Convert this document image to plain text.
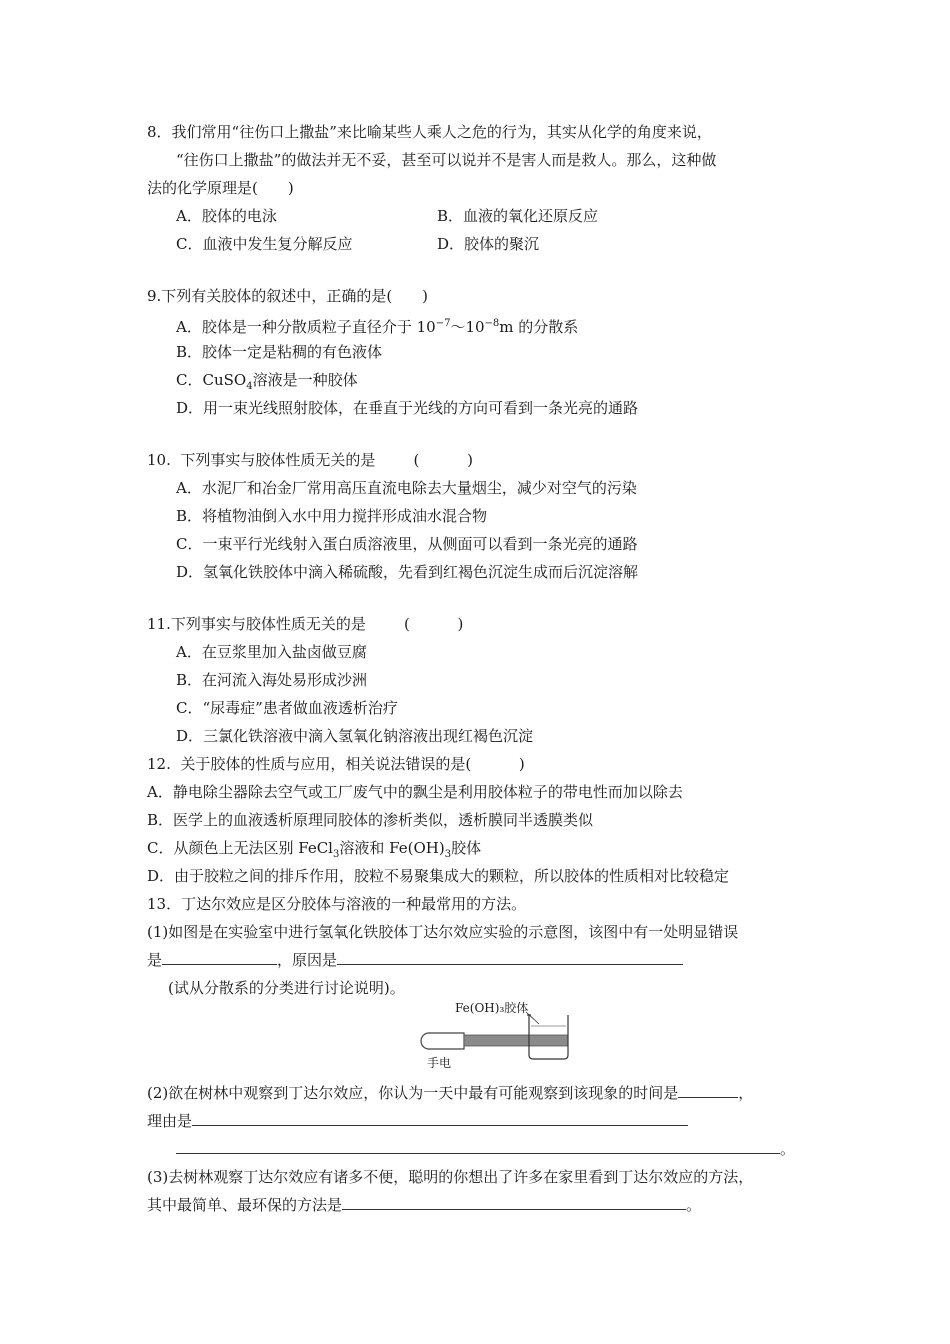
8．我们常用“往伤口上撒盐”来比喻某些人乘人之危的行为，其实从化学的角度来说，
“往伤口上撒盐”的做法并无不妥，甚至可以说并不是害人而是救人。那么，这种做
法的化学原理是(　　)
A．胶体的电泳	B．血液的氧化还原反应
C．血液中发生复分解反应	D．胶体的聚沉
9.下列有关胶体的叙述中，正确的是(　　)
A．胶体是一种分散质粒子直径介于 $10^{-7}\sim 10^{-8}m$ 的分散系
B．胶体一定是粘稠的有色液体
C．CuSO$_4$溶液是一种胶体
D．用一束光线照射胶体，在垂直于光线的方向可看到一条光亮的通路
10.  下列事实与胶体性质无关的是        (          )
A．水泥厂和冶金厂常用高压直流电除去大量烟尘，减少对空气的污染
B．将植物油倒入水中用力搅拌形成油水混合物
C．一束平行光线射入蛋白质溶液里，从侧面可以看到一条光亮的通路
D．氢氧化铁胶体中滴入稀硫酸，先看到红褐色沉淀生成而后沉淀溶解
11.下列事实与胶体性质无关的是        (          )
A．在豆浆里加入盐卤做豆腐
B．在河流入海处易形成沙洲
C．“尿毒症”患者做血液透析治疗
D．三氯化铁溶液中滴入氢氧化钠溶液出现红褐色沉淀
12.  关于胶体的性质与应用，相关说法错误的是(          )
A．静电除尘器除去空气或工厂废气中的飘尘是利用胶体粒子的带电性而加以除去
B．医学上的血液透析原理同胶体的渗析类似，透析膜同半透膜类似
C．从颜色上无法区别 FeCl$_3$溶液和 $Fe(OH)_3$胶体
D．由于胶粒之间的排斥作用，胶粒不易聚集成大的颗粒，所以胶体的性质相对比较稳定
13．丁达尔效应是区分胶体与溶液的一种最常用的方法。
(1)如图是在实验室中进行氢氧化铁胶体丁达尔效应实验的示意图，该图中有一处明显错误
是	，原因是
(试从分散系的分类进行讨论说明)。
Fe(OH)₃胶体
手电
(2)欲在树林中观察到丁达尔效应，你认为一天中最有可能观察到该现象的时间是	，
理由是
。
(3)去树林观察丁达尔效应有诸多不便，聪明的你想出了许多在家里看到丁达尔效应的方法，
其中最简单、最环保的方法是	。
